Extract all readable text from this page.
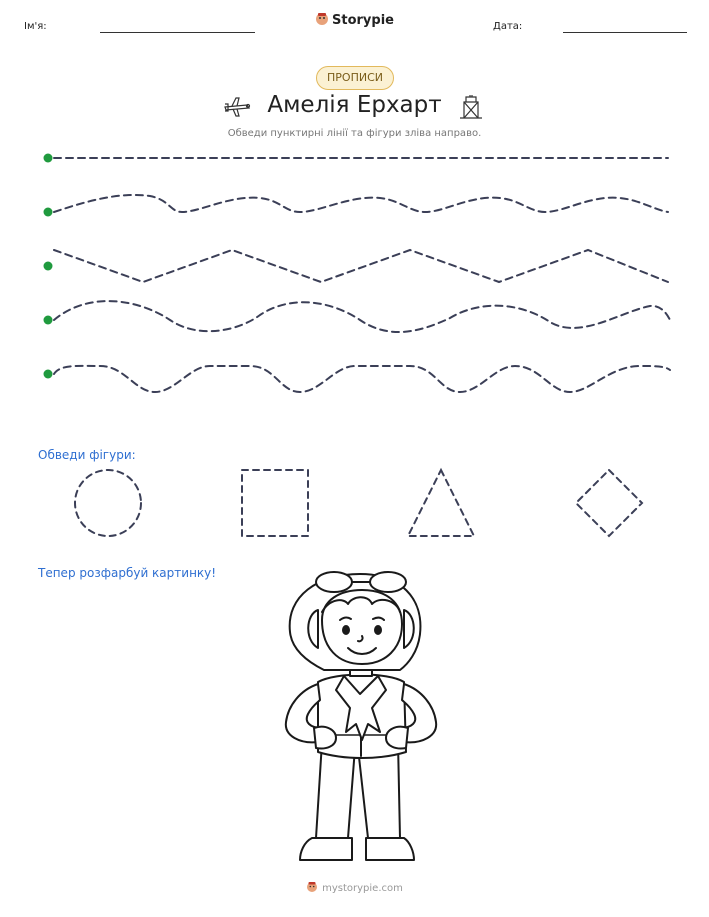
Ім'я:	Дата:
Storypie
ПРОПИСИ
Амелія Ерхарт
Обведи пунктирні лінії та фігури зліва направо.
Обведи фігури:
Тепер розфарбуй картинку!
mystorypie.com
